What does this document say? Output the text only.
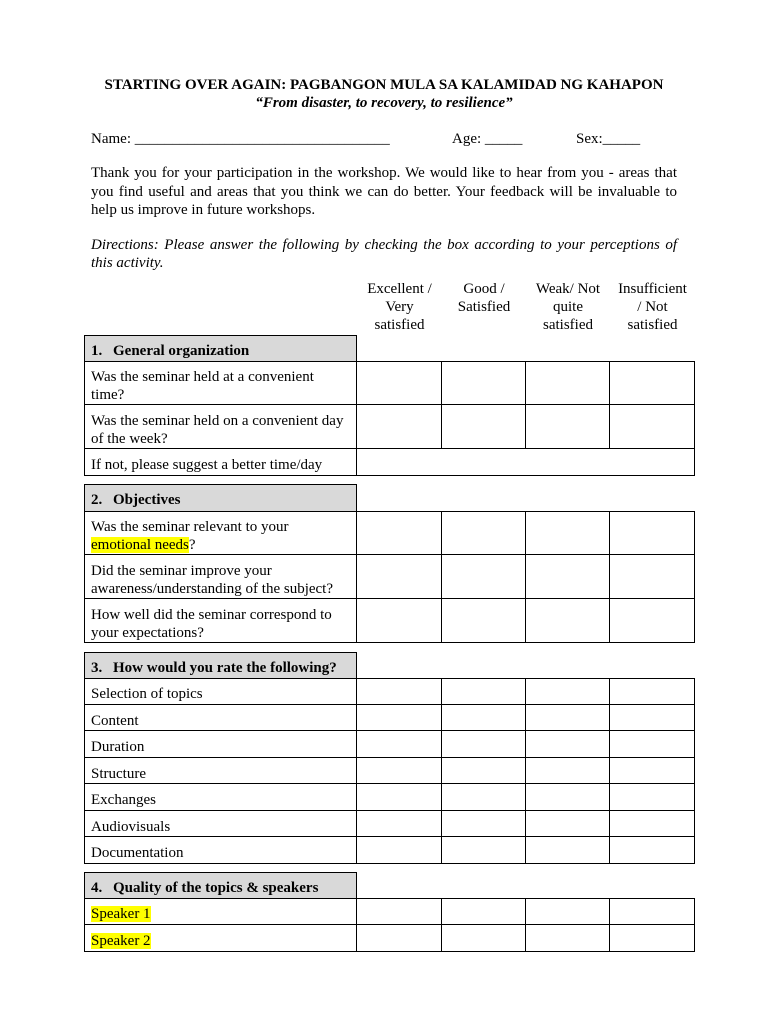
STARTING OVER AGAIN: PAGBANGON MULA SA KALAMIDAD NG KAHAPON
“From disaster, to recovery, to resilience”
Name: __________________________________	Age: _____	Sex:_____
Thank you for your participation in the workshop. We would like to hear from you - areas that you find useful and areas that you think we can do better. Your feedback will be invaluable to help us improve in future workshops.
Directions: Please answer the following by checking the box according to your perceptions of this activity.
Excellent / Very satisfied
Good / Satisfied
Weak/ Not quite satisfied
Insufficient / Not satisfied
1. General organization
Was the seminar held at a convenient time?
Was the seminar held on a convenient day of the week?
If not, please suggest a better time/day
2. Objectives
Was the seminar relevant to your emotional needs?
Did the seminar improve your awareness/understanding of the subject?
How well did the seminar correspond to your expectations?
3. How would you rate the following?
Selection of topics
Content
Duration
Structure
Exchanges
Audiovisuals
Documentation
4. Quality of the topics & speakers
Speaker 1
Speaker 2
